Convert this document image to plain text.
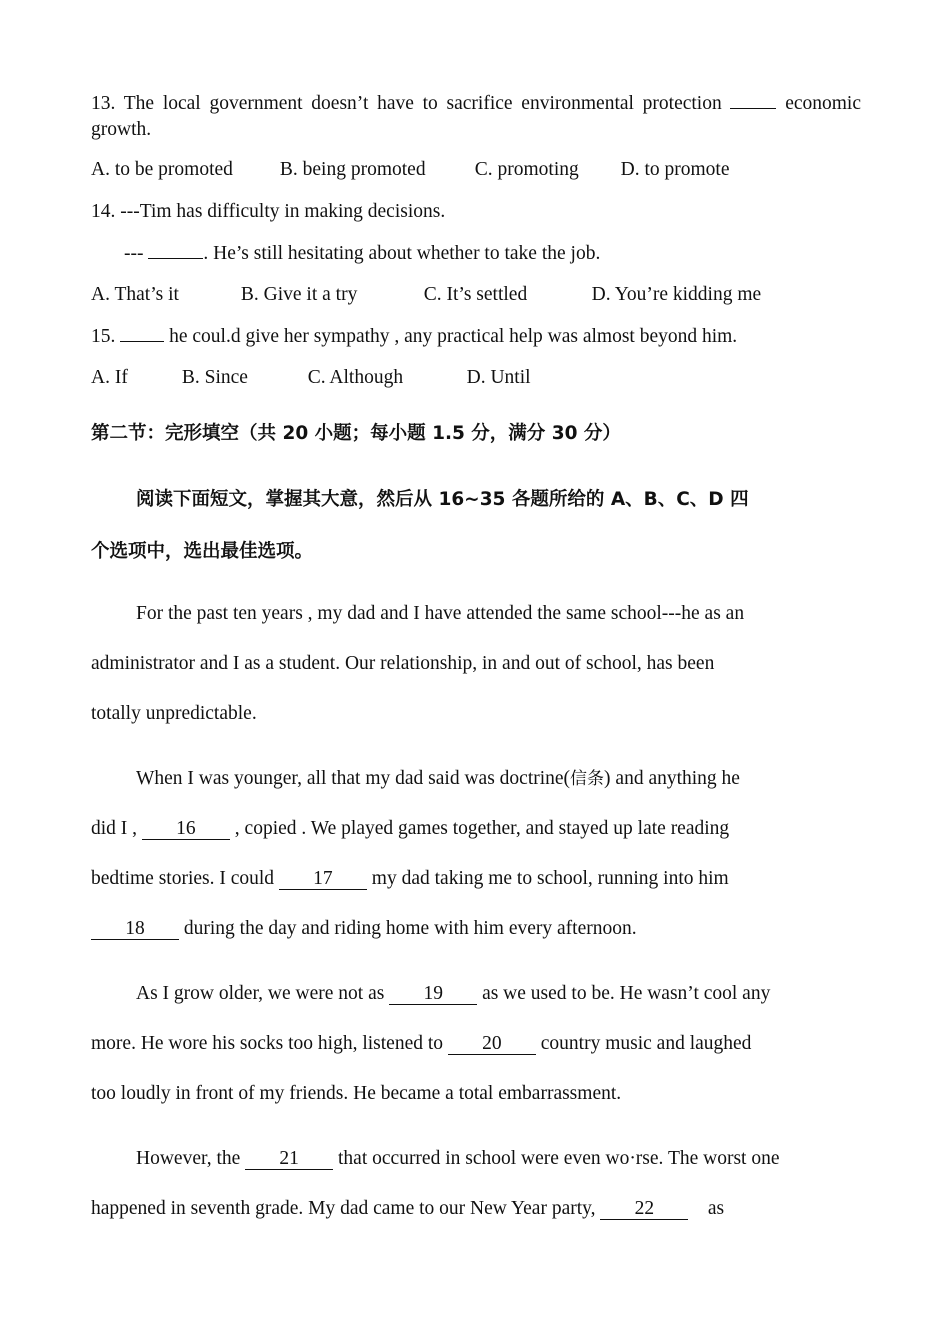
13. The local government doesn’t have to sacrifice environmental protection	economic growth.
A. to be promoted B. being promoted	C. promoting D. to promote
14. ---Tim has difficulty in making decisions.
---	. He’s still hesitating about whether to take the job.
A. That’s it	B. Give it a try	C. It’s settled	D. You’re kidding me
15.	he coul.d give her sympathy , any practical help was almost beyond him.
A. If	B. Since	C. Although	D. Until
第二节：完形填空（共 20 小题；每小题 1.5 分，满分 30 分）
阅读下面短文，掌握其大意，然后从 16~35 各题所给的 A、B、C、D 四
个选项中，选出最佳选项。
For the past ten years , my dad and I have attended the same school---he as an
administrator and I as a student. Our relationship, in and out of school, has been
totally unpredictable.
When I was younger, all that my dad said was doctrine(信条) and anything he
did I , 16 , copied . We played games together, and stayed up late reading
bedtime stories. I could 17 my dad taking me to school, running into him
18 during the day and riding home with him every afternoon.
As I grow older, we were not as 19 as we used to be. He wasn’t cool any
more. He wore his socks too high, listened to 20 country music and laughed
too loudly in front of my friends. He became a total embarrassment.
However, the 21 that occurred in school were even wo·rse. The worst one
happened in seventh grade. My dad came to our New Year party, 22	as
